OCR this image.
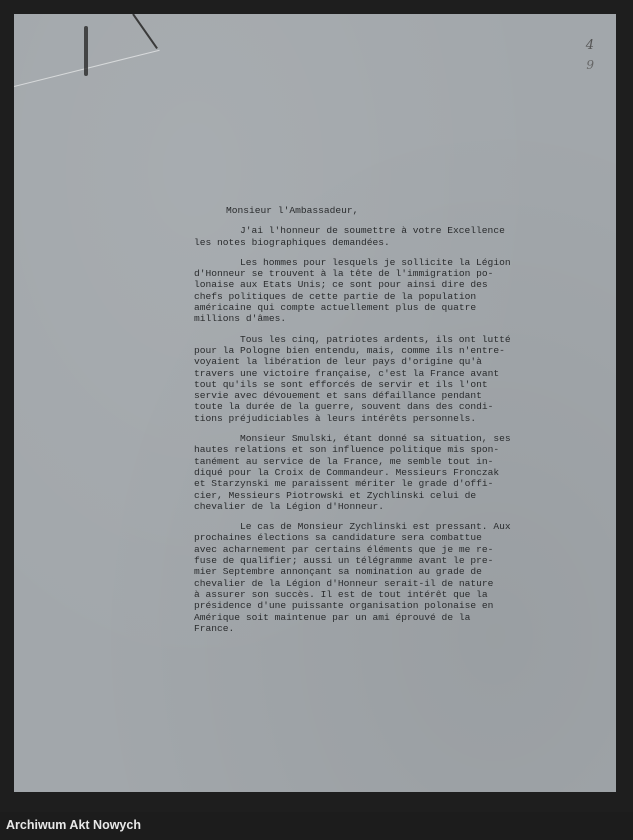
4
9
Monsieur l'Ambassadeur,
J'ai l'honneur de soumettre à votre Excellence
les notes biographiques demandées.
Les hommes pour lesquels je sollicite la Légion
d'Honneur se trouvent à la tête de l'immigration po-
lonaise aux Etats Unis; ce sont pour ainsi dire des
chefs politiques de cette partie de la population
américaine qui compte actuellement plus de quatre
millions d'âmes.
Tous les cinq, patriotes ardents, ils ont lutté
pour la Pologne bien entendu, mais, comme ils n'entre-
voyaient la libération de leur pays d'origine qu'à
travers une victoire française, c'est la France avant
tout qu'ils se sont efforcés de servir et ils l'ont
servie avec dévouement et sans défaillance pendant
toute la durée de la guerre, souvent dans des condi-
tions préjudiciables à leurs intérêts personnels.
Monsieur Smulski, étant donné sa situation, ses
hautes relations et son influence politique mis spon-
tanément au service de la France, me semble tout in-
diqué pour la Croix de Commandeur. Messieurs Fronczak
et Starzynski me paraissent mériter le grade d'offi-
cier, Messieurs Piotrowski et Zychlinski celui de
chevalier de la Légion d'Honneur.
Le cas de Monsieur Zychlinski est pressant. Aux
prochaines élections sa candidature sera combattue
avec acharnement par certains éléments que je me re-
fuse de qualifier; aussi un télégramme avant le pre-
mier Septembre annonçant sa nomination au grade de
chevalier de la Légion d'Honneur serait-il de nature
à assurer son succès. Il est de tout intérêt que la
présidence d'une puissante organisation polonaise en
Amérique soit maintenue par un ami éprouvé de la
France.
Archiwum Akt Nowych
